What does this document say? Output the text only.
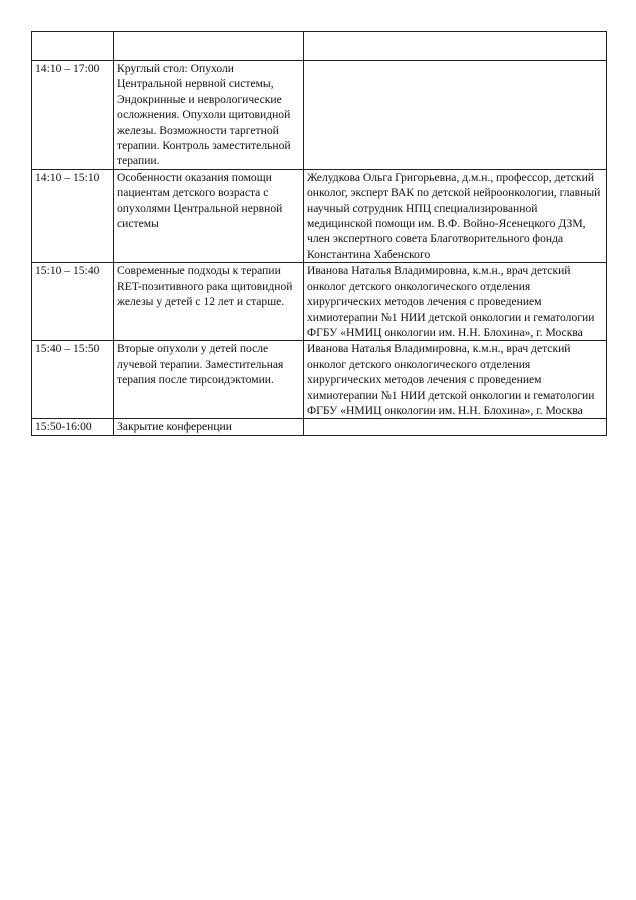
14:10 – 17:00	Круглый стол: Опухоли Центральной нервной системы, Эндокринные и неврологические осложнения. Опухоли щитовидной железы. Возможности таргетной терапии. Контроль заместительной терапии.	
14:10 – 15:10	Особенности оказания помощи пациентам детского возраста с опухолями Центральной нервной системы	Желудкова Ольга Григорьевна, д.м.н., профессор, детский онколог, эксперт ВАК по детской нейроонкологии, главный научный сотрудник НПЦ специализированной медицинской помощи им. В.Ф. Войно-Ясенецкого ДЗМ, член экспертного совета Благотворительного фонда Константина Хабенского
15:10 – 15:40	Современные подходы к терапии RET-позитивного рака щитовидной железы у детей с 12 лет и старше.	Иванова Наталья Владимировна, к.м.н., врач детский онколог детского онкологического отделения хирургических методов лечения с проведением химиотерапии №1 НИИ детской онкологии и гематологии ФГБУ «НМИЦ онкологии им. Н.Н. Блохина», г. Москва
15:40 – 15:50	Вторые опухоли у детей после лучевой терапии. Заместительная терапия после тирсоидэктомии.	Иванова Наталья Владимировна, к.м.н., врач детский онколог детского онкологического отделения хирургических методов лечения с проведением химиотерапии №1 НИИ детской онкологии и гематологии ФГБУ «НМИЦ онкологии им. Н.Н. Блохина», г. Москва
15:50-16:00	Закрытие конференции	
